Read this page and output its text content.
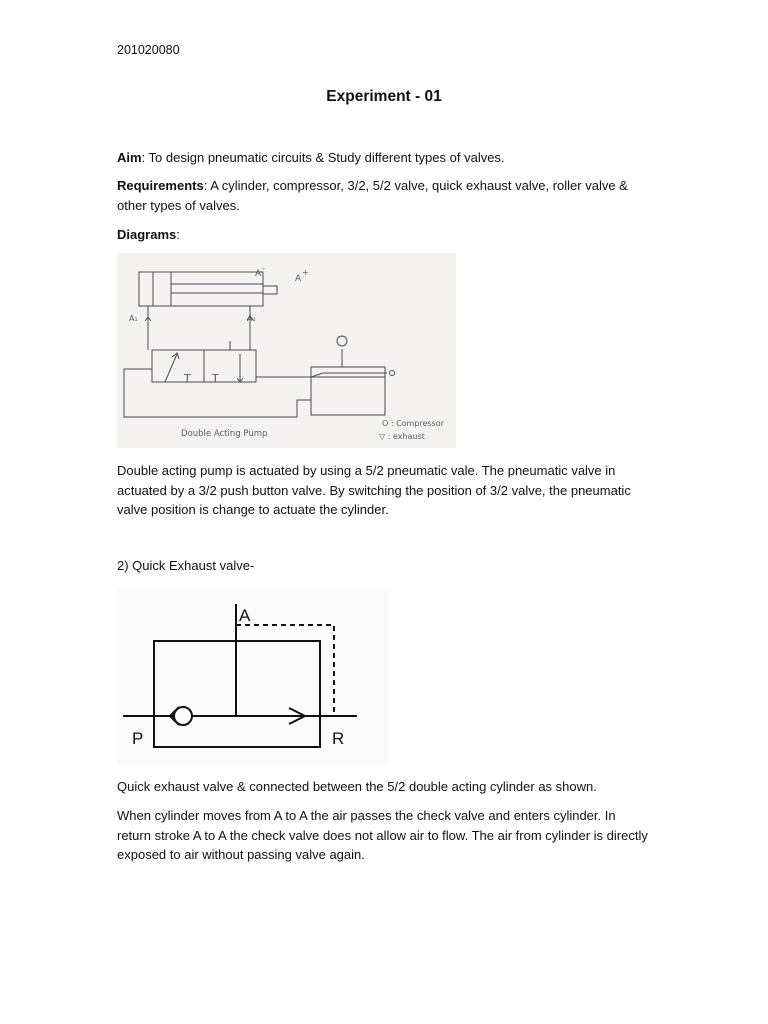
201020080
Experiment - 01
Aim: To design pneumatic circuits & Study different types of valves.
Requirements: A cylinder, compressor, 3/2, 5/2 valve, quick exhaust valve, roller valve & other types of valves.
Diagrams:
A
-
A
+
A₁	A₂
T T
Double Acting Pump
O : Compressor
▽ : exhaust
Double acting pump is actuated by using a 5/2 pneumatic vale. The pneumatic valve in actuated by a 3/2 push button valve. By switching the position of 3/2 valve, the pneumatic valve position is change to actuate the cylinder.
2) Quick Exhaust valve-
A
P	R
Quick exhaust valve & connected between the 5/2 double acting cylinder as shown.
When cylinder moves from A to A the air passes the check valve and enters cylinder. In return stroke A to A the check valve does not allow air to flow. The air from cylinder is directly exposed to air without passing valve again.
